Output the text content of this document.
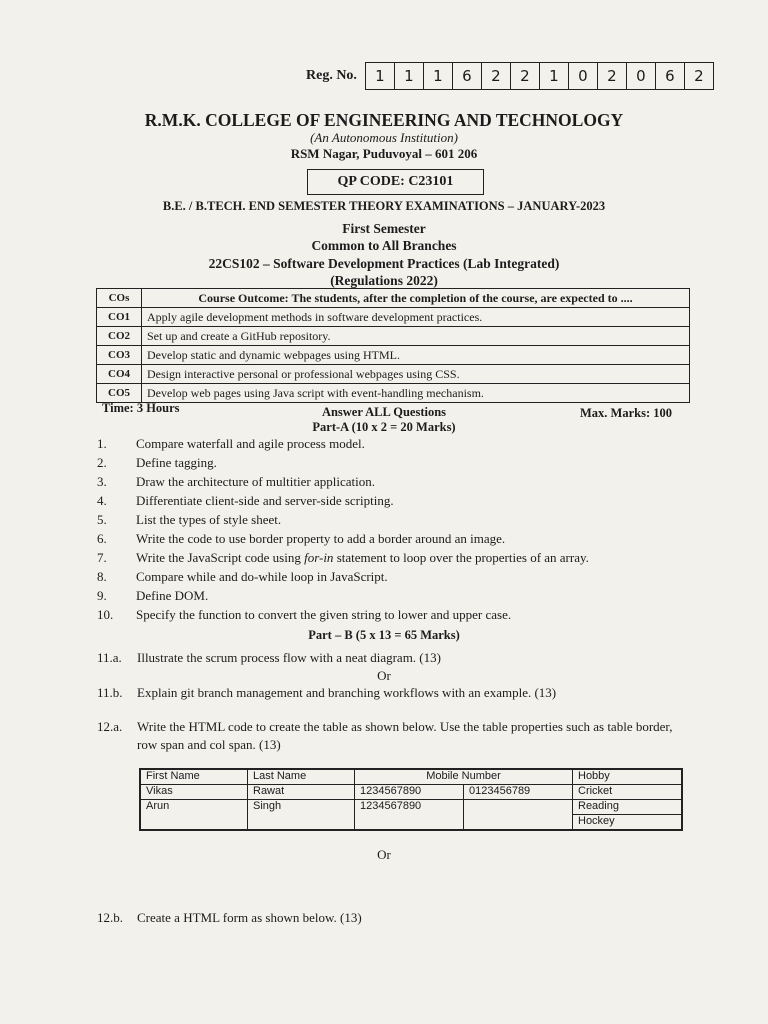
Reg. No.	1	1	1	6	2	2	1	0	2	0	6	2
R.M.K. COLLEGE OF ENGINEERING AND TECHNOLOGY
(An Autonomous Institution)
RSM Nagar, Puduvoyal – 601 206
QP CODE: C23101
B.E. / B.TECH. END SEMESTER THEORY EXAMINATIONS – JANUARY-2023
First Semester
Common to All Branches
22CS102 – Software Development Practices (Lab Integrated)
(Regulations 2022)
COs	Course Outcome: The students, after the completion of the course, are expected to ....
CO1	Apply agile development methods in software development practices.
CO2	Set up and create a GitHub repository.
CO3	Develop static and dynamic webpages using HTML.
CO4	Design interactive personal or professional webpages using CSS.
CO5	Develop web pages using Java script with event-handling mechanism.
Time: 3 Hours	Answer ALL Questions	Max. Marks: 100
Part-A (10 x 2 = 20 Marks)
1.	Compare waterfall and agile process model.
2.	Define tagging.
3.	Draw the architecture of multitier application.
4.	Differentiate client-side and server-side scripting.
5.	List the types of style sheet.
6.	Write the code to use border property to add a border around an image.
7.	Write the JavaScript code using for-in statement to loop over the properties of an array.
8.	Compare while and do-while loop in JavaScript.
9.	Define DOM.
10.	Specify the function to convert the given string to lower and upper case.
Part – B (5 x 13 = 65 Marks)
11.a.	Illustrate the scrum process flow with a neat diagram. (13)
Or
11.b.	Explain git branch management and branching workflows with an example. (13)
12.a.	Write the HTML code to create the table as shown below. Use the table properties such as table border, row span and col span. (13)
First Name	Last Name	Mobile Number		Hobby
Vikas	Rawat	1234567890	0123456789	Cricket
Arun	Singh	1234567890		Reading
				Hockey
Or
12.b.	Create a HTML form as shown below. (13)
